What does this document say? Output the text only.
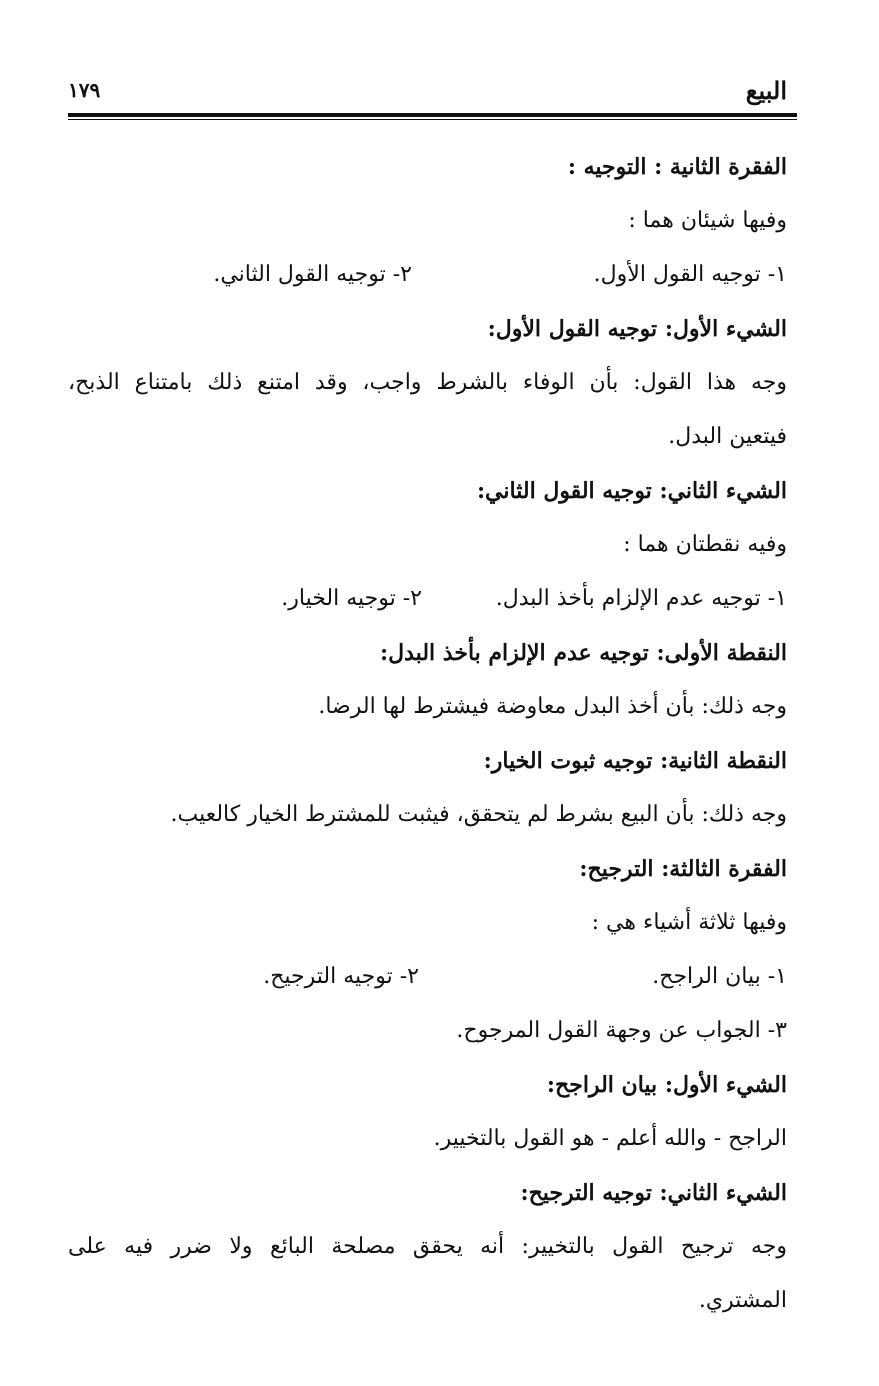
البيع
١٧٩
الفقرة الثانية : التوجيه :
وفيها شيئان هما :
١- توجيه القول الأول.
٢- توجيه القول الثاني.
الشيء الأول: توجيه القول الأول:
وجه هذا القول: بأن الوفاء بالشرط واجب، وقد امتنع ذلك بامتناع الذبح،
فيتعين البدل.
الشيء الثاني: توجيه القول الثاني:
وفيه نقطتان هما :
١- توجيه عدم الإلزام بأخذ البدل.
٢- توجيه الخيار.
النقطة الأولى: توجيه عدم الإلزام بأخذ البدل:
وجه ذلك: بأن أخذ البدل معاوضة فيشترط لها الرضا.
النقطة الثانية: توجيه ثبوت الخيار:
وجه ذلك: بأن البيع بشرط لم يتحقق، فيثبت للمشترط الخيار كالعيب.
الفقرة الثالثة: الترجيح:
وفيها ثلاثة أشياء هي :
١- بيان الراجح.
٢- توجيه الترجيح.
٣- الجواب عن وجهة القول المرجوح.
الشيء الأول: بيان الراجح:
الراجح - والله أعلم - هو القول بالتخيير.
الشيء الثاني: توجيه الترجيح:
وجه ترجيح القول بالتخيير: أنه يحقق مصلحة البائع ولا ضرر فيه على
المشتري.
